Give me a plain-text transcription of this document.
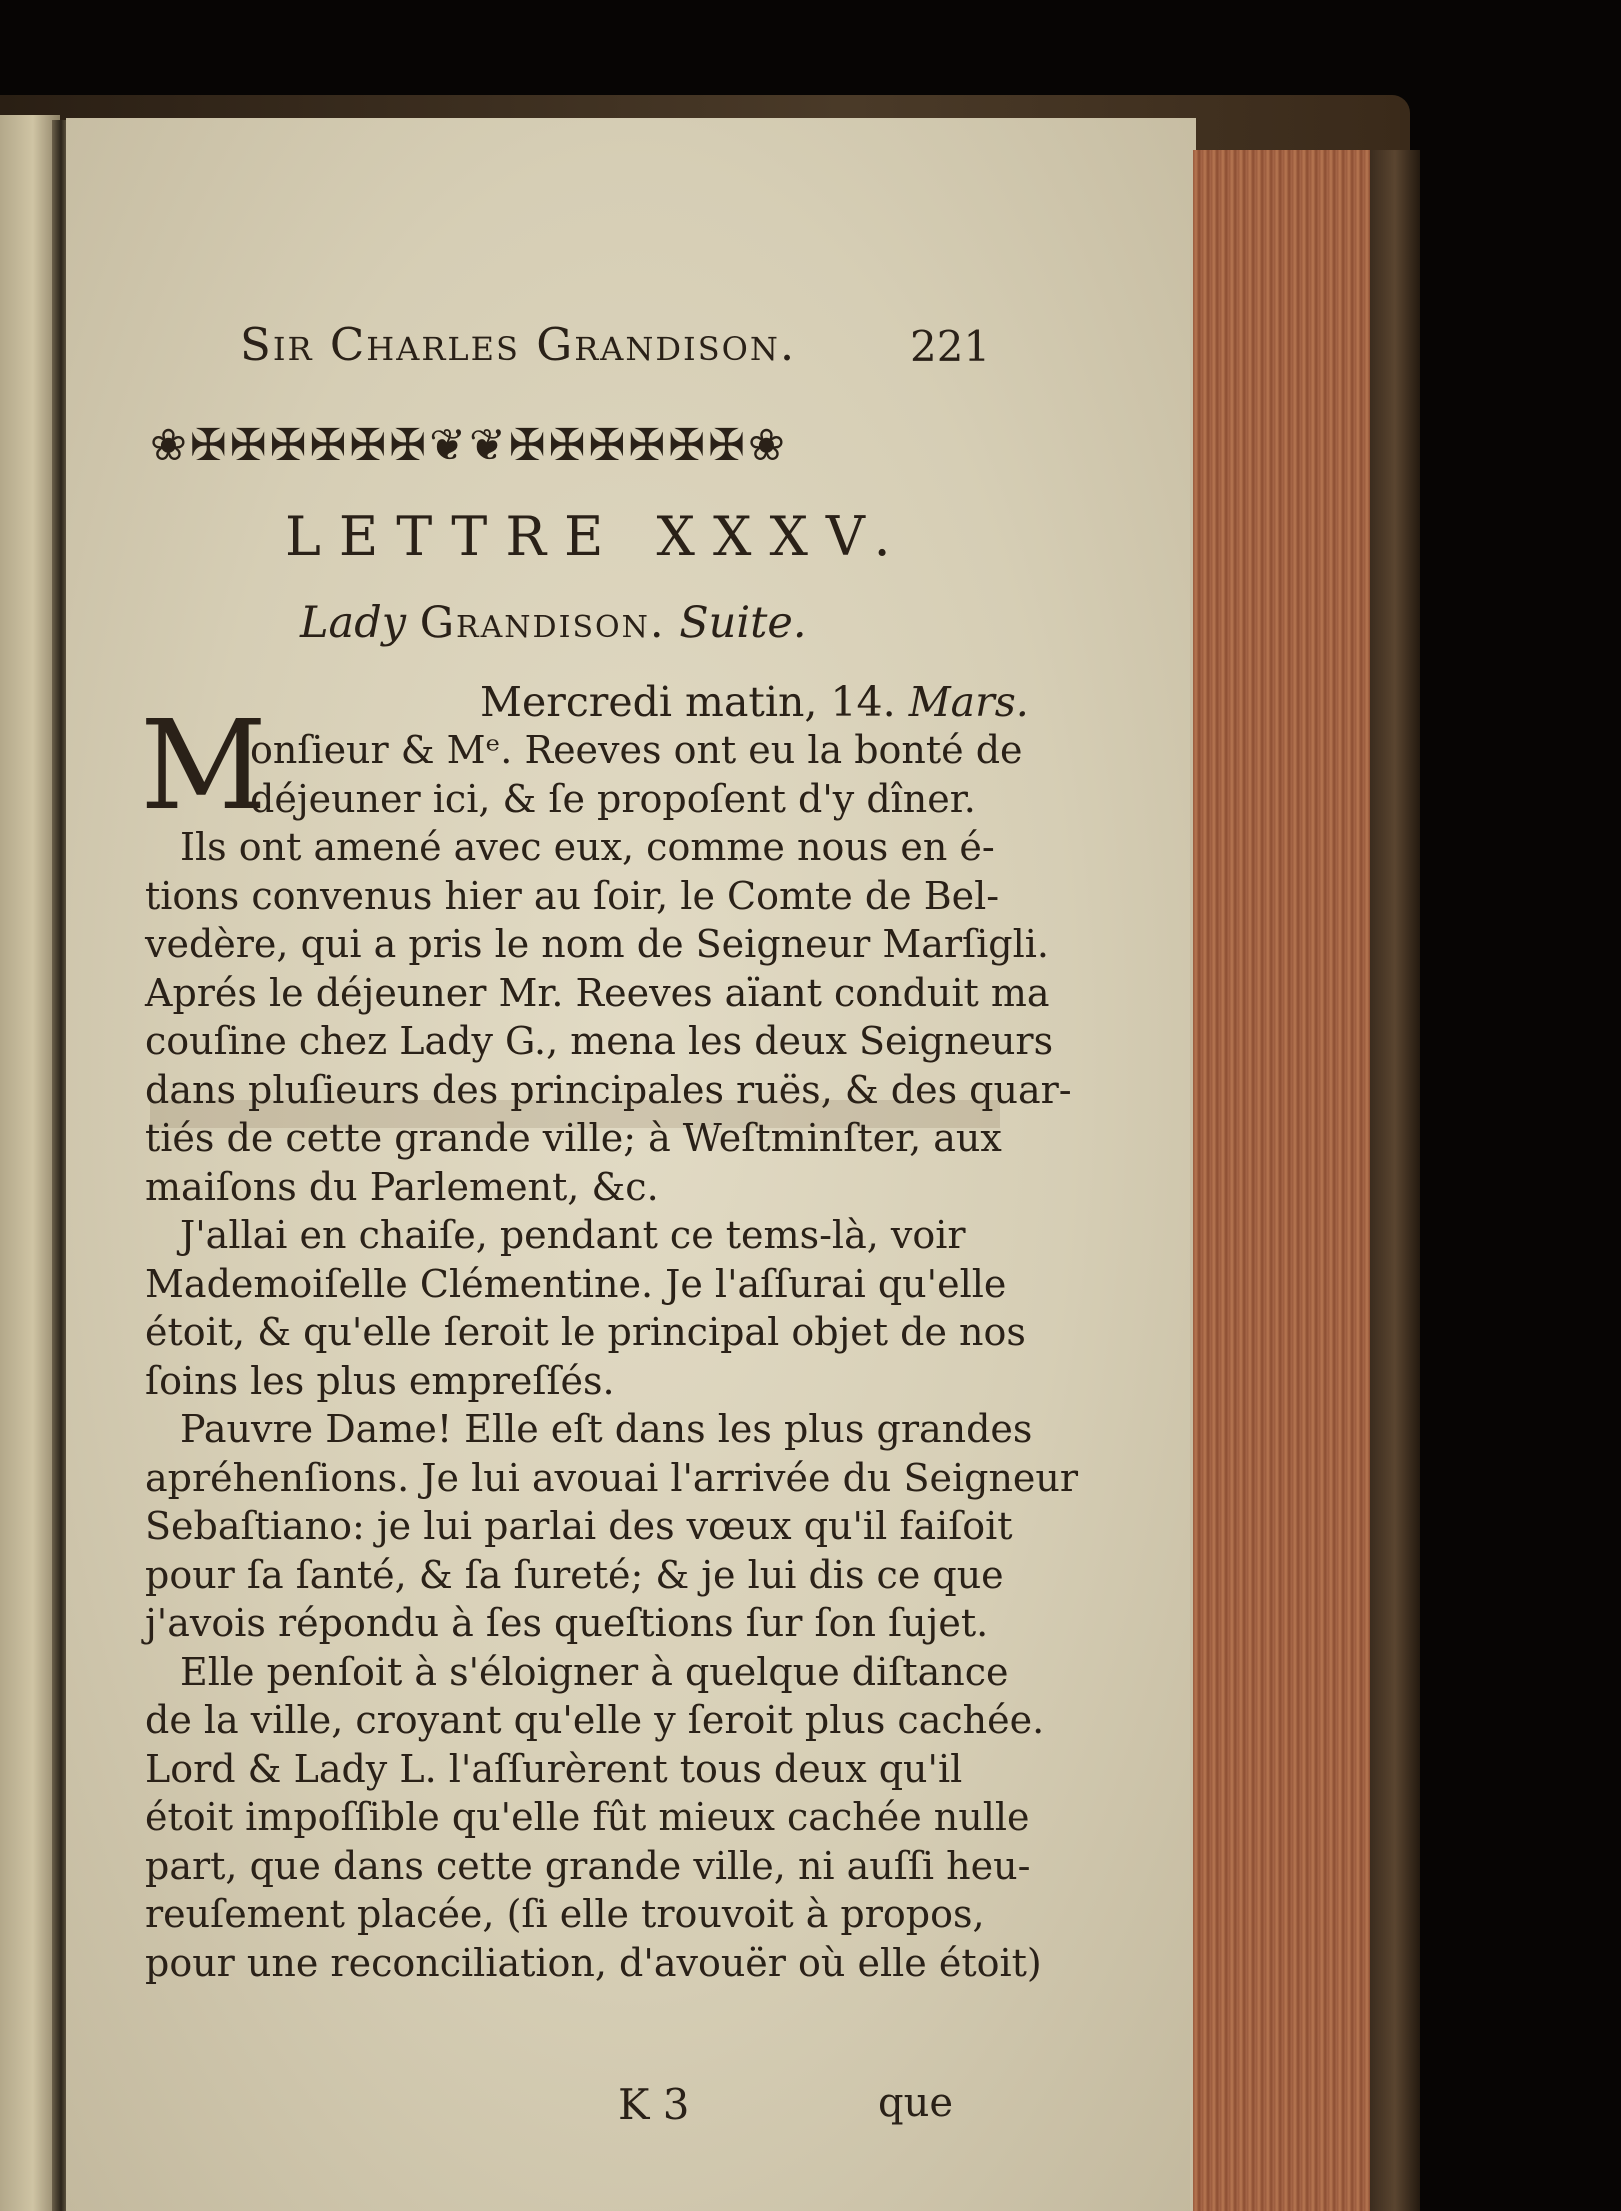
Sir Charles Grandison.	221
❀✠✠✠✠✠✠❦❦✠✠✠✠✠✠❀
LETTRE XXXV.
Lady Grandison. Suite.
Mercredi matin, 14. Mars.
M
onſieur & Mᵉ. Reeves ont eu la bonté de
déjeuner ici, & ſe propoſent d'y dîner.
Ils ont amené avec eux, comme nous en é-
tions convenus hier au ſoir, le Comte de Bel-
vedère, qui a pris le nom de Seigneur Marſigli.
Aprés le déjeuner Mr. Reeves aïant conduit ma
couſine chez Lady G., mena les deux Seigneurs
dans pluſieurs des principales ruës, & des quar-
tiés de cette grande ville; à Weſtminſter, aux
maiſons du Parlement, &c.
J'allai en chaiſe, pendant ce tems-là, voir
Mademoiſelle Clémentine. Je l'aſſurai qu'elle
étoit, & qu'elle ſeroit le principal objet de nos
ſoins les plus empreſſés.
Pauvre Dame! Elle eſt dans les plus grandes
apréhenſions. Je lui avouai l'arrivée du Seigneur
Sebaſtiano: je lui parlai des vœux qu'il faiſoit
pour ſa ſanté, & ſa ſureté; & je lui dis ce que
j'avois répondu à ſes queſtions ſur ſon ſujet.
Elle penſoit à s'éloigner à quelque diſtance
de la ville, croyant qu'elle y ſeroit plus cachée.
Lord & Lady L. l'aſſurèrent tous deux qu'il
étoit impoſſible qu'elle fût mieux cachée nulle
part, que dans cette grande ville, ni auſſi heu-
reuſement placée, (ſi elle trouvoit à propos,
pour une reconciliation, d'avouër où elle étoit)
K 3	que
